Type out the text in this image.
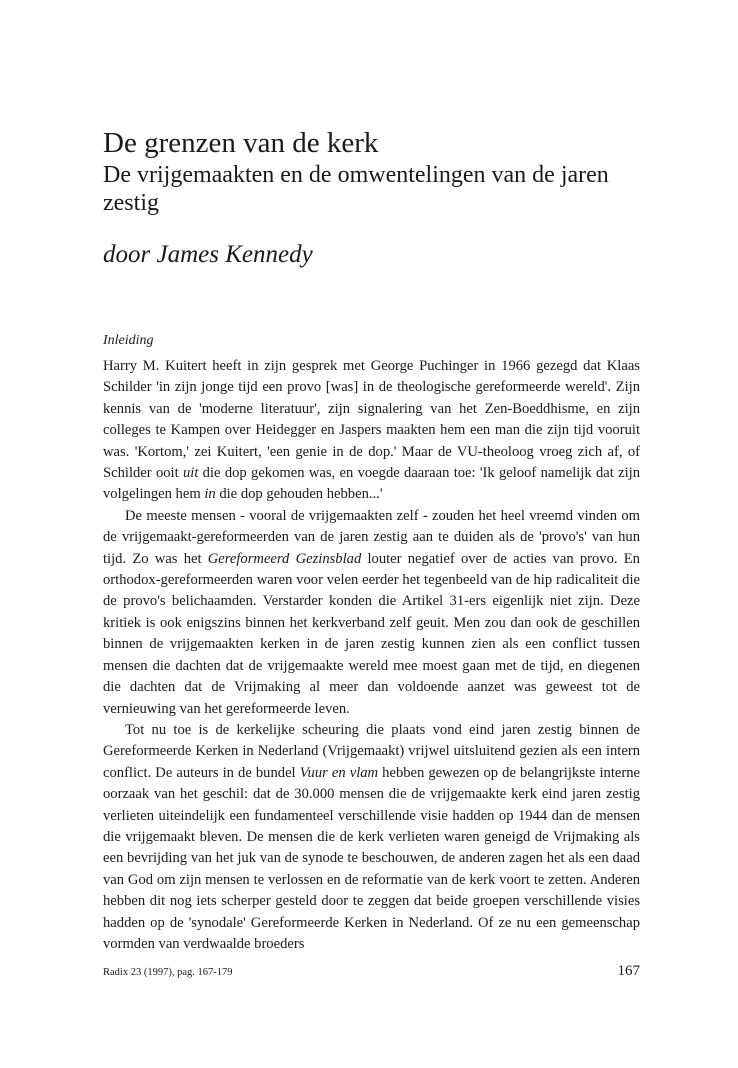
De grenzen van de kerk
De vrijgemaakten en de omwentelingen van de jaren zestig
door James Kennedy
Inleiding

Harry M. Kuitert heeft in zijn gesprek met George Puchinger in 1966 gezegd dat Klaas Schilder 'in zijn jonge tijd een provo [was] in de theologische gereformeerde wereld'. Zijn kennis van de 'moderne literatuur', zijn signalering van het Zen-Boeddhisme, en zijn colleges te Kampen over Heidegger en Jaspers maakten hem een man die zijn tijd vooruit was. 'Kortom,' zei Kuitert, 'een genie in de dop.' Maar de VU-theoloog vroeg zich af, of Schilder ooit uit die dop gekomen was, en voegde daaraan toe: 'Ik geloof namelijk dat zijn volgelingen hem in die dop gehouden hebben...'

De meeste mensen - vooral de vrijgemaakten zelf - zouden het heel vreemd vinden om de vrijgemaakt-gereformeerden van de jaren zestig aan te duiden als de 'provo's' van hun tijd. Zo was het Gereformeerd Gezinsblad louter negatief over de acties van provo. En orthodox-gereformeerden waren voor velen eerder het tegenbeeld van de hip radicaliteit die de provo's belichaamden. Verstarder konden die Artikel 31-ers eigenlijk niet zijn. Deze kritiek is ook enigszins binnen het kerkverband zelf geuit. Men zou dan ook de geschillen binnen de vrijgemaakten kerken in de jaren zestig kunnen zien als een conflict tussen mensen die dachten dat de vrijgemaakte wereld mee moest gaan met de tijd, en diegenen die dachten dat de Vrijmaking al meer dan voldoende aanzet was geweest tot de vernieuwing van het gereformeerde leven.

Tot nu toe is de kerkelijke scheuring die plaats vond eind jaren zestig binnen de Gereformeerde Kerken in Nederland (Vrijgemaakt) vrijwel uitsluitend gezien als een intern conflict. De auteurs in de bundel Vuur en vlam hebben gewezen op de belangrijkste interne oorzaak van het geschil: dat de 30.000 mensen die de vrijgemaakte kerk eind jaren zestig verlieten uiteindelijk een fundamenteel verschillende visie hadden op 1944 dan de mensen die vrijgemaakt bleven. De mensen die de kerk verlieten waren geneigd de Vrijmaking als een bevrijding van het juk van de synode te beschouwen, de anderen zagen het als een daad van God om zijn mensen te verlossen en de reformatie van de kerk voort te zetten. Anderen hebben dit nog iets scherper gesteld door te zeggen dat beide groepen verschillende visies hadden op de 'synodale' Gereformeerde Kerken in Nederland. Of ze nu een gemeenschap vormden van verdwaalde broeders

Radix 23 (1997), pag. 167-179	167
